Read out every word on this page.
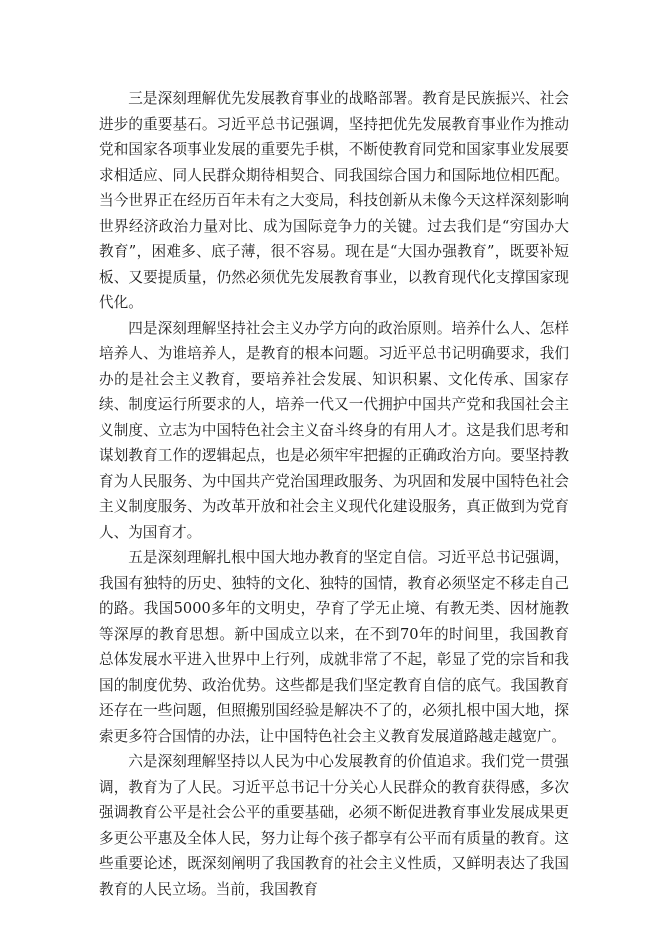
三是深刻理解优先发展教育事业的战略部署。教育是民族振兴、社会进步的重要基石。习近平总书记强调，坚持把优先发展教育事业作为推动党和国家各项事业发展的重要先手棋，不断使教育同党和国家事业发展要求相适应、同人民群众期待相契合、同我国综合国力和国际地位相匹配。当今世界正在经历百年未有之大变局，科技创新从未像今天这样深刻影响世界经济政治力量对比、成为国际竞争力的关键。过去我们是“穷国办大教育”，困难多、底子薄，很不容易。现在是“大国办强教育”，既要补短板、又要提质量，仍然必须优先发展教育事业，以教育现代化支撑国家现代化。

四是深刻理解坚持社会主义办学方向的政治原则。培养什么人、怎样培养人、为谁培养人，是教育的根本问题。习近平总书记明确要求，我们办的是社会主义教育，要培养社会发展、知识积累、文化传承、国家存续、制度运行所要求的人，培养一代又一代拥护中国共产党和我国社会主义制度、立志为中国特色社会主义奋斗终身的有用人才。这是我们思考和谋划教育工作的逻辑起点，也是必须牢牢把握的正确政治方向。要坚持教育为人民服务、为中国共产党治国理政服务、为巩固和发展中国特色社会主义制度服务、为改革开放和社会主义现代化建设服务，真正做到为党育人、为国育才。

五是深刻理解扎根中国大地办教育的坚定自信。习近平总书记强调，我国有独特的历史、独特的文化、独特的国情，教育必须坚定不移走自己的路。我国5000多年的文明史，孕育了学无止境、有教无类、因材施教等深厚的教育思想。新中国成立以来，在不到70年的时间里，我国教育总体发展水平进入世界中上行列，成就非常了不起，彰显了党的宗旨和我国的制度优势、政治优势。这些都是我们坚定教育自信的底气。我国教育还存在一些问题，但照搬别国经验是解决不了的，必须扎根中国大地，探索更多符合国情的办法，让中国特色社会主义教育发展道路越走越宽广。

六是深刻理解坚持以人民为中心发展教育的价值追求。我们党一贯强调，教育为了人民。习近平总书记十分关心人民群众的教育获得感，多次强调教育公平是社会公平的重要基础，必须不断促进教育事业发展成果更多更公平惠及全体人民，努力让每个孩子都享有公平而有质量的教育。这些重要论述，既深刻阐明了我国教育的社会主义性质，又鲜明表达了我国教育的人民立场。当前，我国教育
